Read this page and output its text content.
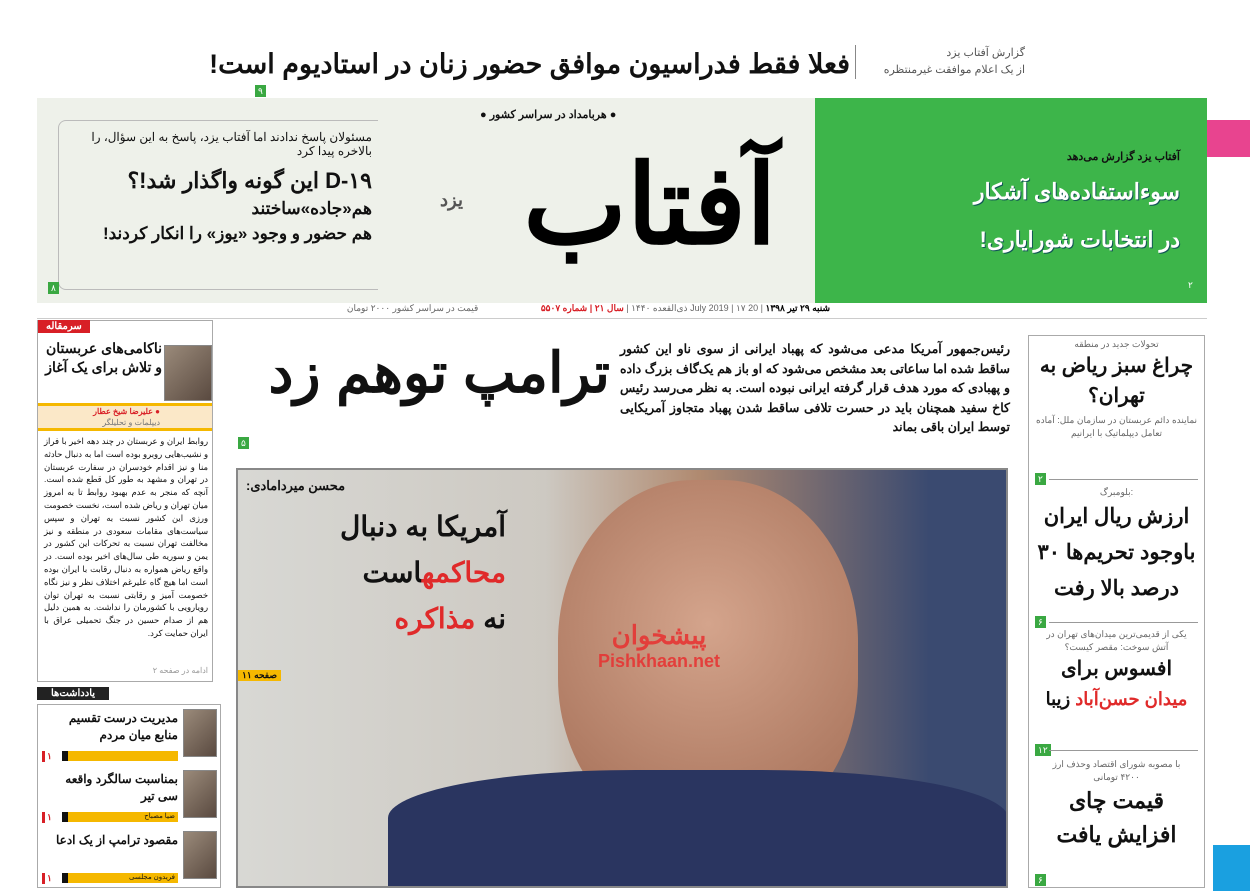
فعلا فقط فدراسیون موافق حضور زنان در استادیوم است!
۹
گزارش آفتاب یزد
از یک اعلام موافقت غیرمنتظره
آفتاب
یزد
● هربامداد در سراسر کشور ●
مسئولان پاسخ ندادند اما آفتاب یزد، پاسخ به این سؤال، را بالاخره پیدا کرد
D-۱۹ این گونه واگذار شد!؟
هم«جاده»ساختند
هم حضور و وجود «یوز» را انکار کردند!
۸
آفتاب یزد گزارش می‌دهد
سوءاستفاده‌های آشکار
در انتخابات شورایاری!
۲
شنبه ۲۹ تیر ۱۳۹۸ | 20 July 2019 | ۱۷ ذی‌القعده ۱۴۴۰ | سال ۲۱ | شماره ۵۵۰۷ قیمت در سراسر کشور ۲۰۰۰ تومان
سرمقاله
ناکامی‌های عربستان و تلاش برای یک آغاز
● علیرضا شیخ عطار
دیپلمات و تحلیلگر
روابط ایران و عربستان در چند دهه اخیر با فراز و نشیب‌هایی روبرو بوده است اما به دنبال حادثه منا و نیز اقدام خودسران در سفارت عربستان در تهران و مشهد به طور کل قطع شده است. آنچه که منجر به عدم بهبود روابط تا به امروز میان تهران و ریاض شده است، نخست خصومت ورزی این کشور نسبت به تهران و سپس سیاست‌های مقامات سعودی در منطقه و نیز مخالفت تهران نسبت به تحرکات این کشور در یمن و سوریه طی سال‌های اخیر بوده است. در واقع ریاض همواره به دنبال رقابت با ایران بوده است اما هیچ گاه علیرغم اختلاف نظر و نیز نگاه خصومت آمیز و رقابتی نسبت به تهران توان رویارویی با کشورمان را نداشت. به همین دلیل هم از صدام حسین در جنگ تحمیلی عراق با ایران حمایت کرد.
ادامه در صفحه ۲
یادداشت‌ها
مدیریت درست تقسیم منابع میان مردم
۱
بمناسبت سالگرد واقعه سی تیر
ضیا مصباح
۱
مقصود ترامپ از یک ادعا
فریدون مجلسی
۱
ترامپ توهم زد
۵
رئیس‌جمهور آمریکا مدعی می‌شود که پهباد ایرانی از سوی ناو این کشور ساقط شده اما ساعاتی بعد مشخص می‌شود که او باز هم یک‌گاف بزرگ داده و پهبادی که مورد هدف قرار گرفته ایرانی نبوده است. به نظر می‌رسد رئیس کاخ سفید همچنان باید در حسرت تلافی ساقط شدن پهباد متجاوز آمریکایی توسط ایران باقی بماند
محسن میردامادی:
آمریکا به دنبال
محاکمهاست
نه مذاکره
صفحه ۱۱
پیشخوان
Pishkhaan.net
تحولات جدید در منطقه
چراغ سبز ریاض به تهران؟
نماینده دائم عربستان در سازمان ملل: آماده تعامل دیپلماتیک با ایرانیم
۲
بلومبرگ:
ارزش ریال ایران باوجود تحریم‌ها ۳۰ درصد بالا رفت
۶
یکی از قدیمی‌ترین میدان‌های تهران در آتش سوخت: مقصر کیست؟
افسوس برای
میدان حسن‌آباد زیبا
۱۲
با مصوبه شورای اقتصاد وحذف ارز ۴۲۰۰ تومانی
قیمت چای افزایش یافت
۶
